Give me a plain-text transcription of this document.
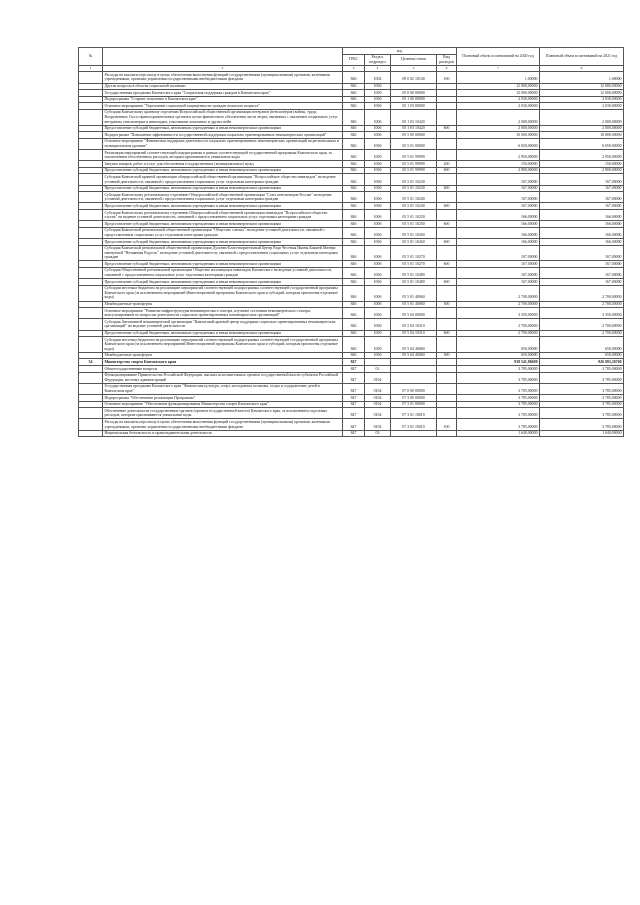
№		код				Плановый объем ассигнований на 2020 год	Плановый объем ассигнований на 2021 год
		ГРБС	Раздел, подраздел	Целевая статья	Вид расходов		
1	2	3	4	5	6	7	8
	Расходы на выплаты персоналу в целях обеспечения выполнения функций государственными (муниципальными) органами, казенными учреждениями, органами управления государственными внебюджетными фондами	846	1004	09 0 02 10140	100	1,00000	1,00000
	Другие вопросы в области социальной политики	846	1006			12 000,00000	12 000,00000
	Государственная программа Камчатского края "Социальная поддержка граждан в Камчатском крае"	846	1006	05 0 00 00000		12 000,00000	12 000,00000
	Подпрограмма "Старшее поколение в Камчатском крае"	846	1006	05 1 00 00000		2 030,00000	2 030,00000
	Основное мероприятие "Укрепление социальной защищенности граждан пожилого возраста"	846	1006	05 1 03 00000		2 030,00000	2 030,00000
	Субсидия Камчатскому краевому отделению Всероссийской общественной организации ветеранов (пенсионеров) войны, труда, Вооруженных Сил и правоохранительных органов в целях финансового обеспечения части затрат, связанных с оказанием социальных услуг ветеранам, пенсионерам и инвалидам, участникам локальных и других войн	846	1006	05 1 03 10420		2 000,00000	2 000,00000
	Предоставление субсидий бюджетным, автономным учреждениям и иным некоммерческим организациям	846	1006	05 1 03 10420	600	2 000,00000	2 000,00000
	Подпрограмма "Повышение эффективности государственной поддержки социально ориентированных некоммерческих организаций"	846	1006	05 5 00 00000		10 000,00000	10 000,00000
	Основное мероприятие "Финансовая поддержка деятельности социально ориентированных некоммерческих организаций на региональном и муниципальном уровнях"	846	1006	05 5 01 00000		6 650,00000	6 650,00000
	Реализация мероприятий соответствующей подпрограммы в рамках соответствующей государственной программы Камчатского края, за исключением обособленных расходов, которым присваиваются уникальные коды	846	1006	05 5 01 99990		2 950,00000	2 950,00000
	Закупка товаров, работ и услуг для обеспечения государственных (муниципальных) нужд	846	1006	05 5 01 99990	200	150,00000	150,00000
	Предоставление субсидий бюджетным, автономным учреждениям и иным некоммерческим организациям	846	1006	05 5 01 99990	600	2 800,00000	2 800,00000
	Субсидия Камчатской краевой организации общероссийской общественной организации "Всероссийское общество инвалидов" на ведение уставной деятельности, связанной с предоставлением социальных услуг отдельным категориям граждан	846	1006	05 5 01 10230		167,00000	167,00000
	Предоставление субсидий бюджетным, автономным учреждениям и иным некоммерческим организациям	846	1006	05 5 01 10230	600	167,00000	167,00000
	Субсидия Камчатскому региональному отделению Общероссийской общественной организации "Союз пенсионеров России" на ведение уставной деятельности, связанной с предоставлением социальных услуг отдельным категориям граждан	846	1006	05 5 01 10240		167,00000	167,00000
	Предоставление субсидий бюджетным, автономным учреждениям и иным некоммерческим организациям	846	1006	05 5 01 10240	600	167,00000	167,00000
	Субсидия Камчатскому региональному отделению Общероссийской общественной организации инвалидов "Всероссийское общество глухих" на ведение уставной деятельности, связанной с предоставлением социальных услуг отдельным категориям граждан	846	1006	05 5 01 10250		166,00000	166,00000
	Предоставление субсидий бюджетным, автономным учреждениям и иным некоммерческим организациям	846	1006	05 5 01 10250	600	166,00000	166,00000
	Субсидия Камчатской региональной общественной организации "Общество слепых" на ведение уставной деятельности, связанной с предоставлением социальных услуг отдельным категориям граждан	846	1006	05 5 01 10260		166,00000	166,00000
	Предоставление субсидий бюджетным, автономным учреждениям и иным некоммерческим организациям	846	1006	05 5 01 10260	600	166,00000	166,00000
	Субсидия Камчатской региональной общественной организации Духовно-Благотворительный Центр Ради Честныя Иконы Божией Матери именуемой "Нечаянная Радость" на ведение уставной деятельности, связанной с предоставлением социальных услуг отдельным категориям граждан	846	1006	05 5 01 10270		167,00000	167,00000
	Предоставление субсидий бюджетным, автономным учреждениям и иным некоммерческим организациям	846	1006	05 5 01 10270	600	167,00000	167,00000
	Субсидия Общественной региональной организации Общество малоимущих инвалидов Камчатского на ведение уставной деятельности, связанной с предоставлением социальных услуг отдельным категориям граждан	846	1006	05 5 01 10480		167,00000	167,00000
	Предоставление субсидий бюджетным, автономным учреждениям и иным некоммерческим организациям	846	1006	05 5 01 10480	600	167,00000	167,00000
	Субсидии местным бюджетам на реализацию мероприятий соответствующей подпрограммы соответствующей государственной программы Камчатского края (за исключением мероприятий Инвестиционной программы Камчатского края и субсидий, которым присвоены отдельные коды)	846	1006	05 5 01 40060		2 700,00000	2 700,00000
	Межбюджетные трансферты	846	1006	05 5 01 40060	500	2 700,00000	2 700,00000
	Основное мероприятие "Развитие инфраструктуры некоммерческого сектора, изучение состояния некоммерческого сектора, консультирование по вопросам деятельности социально ориентированных некоммерческих организаций"	846	1006	05 5 04 00000		3 350,00000	3 350,00000
	Субсидия Автономной некоммерческой организации "Камчатский краевой центр поддержки социально ориентированных некоммерческих организаций" на ведение уставной деятельности	846	1006	05 5 04 10310		2 700,00000	2 700,00000
	Предоставление субсидий бюджетным, автономным учреждениям и иным некоммерческим организациям	846	1006	05 5 04 10310	600	2 700,00000	2 700,00000
	Субсидии местным бюджетам на реализацию мероприятий соответствующей подпрограммы соответствующей государственной программы Камчатского края (за исключением мероприятий Инвестиционной программы Камчатского края и субсидий, которым присвоены отдельные коды)	846	1006	05 5 04 40060		650,00000	650,00000
	Межбюджетные трансферты	846	1006	05 5 04 40060	500	650,00000	650,00000
34	Министерство спорта Камчатского края	847				938 541,86600	926 093,26700
	Общегосударственные вопросы	847	01			3 785,00000	3 785,00000
	Функционирование Правительства Российской Федерации, высших исполнительных органов государственной власти субъектов Российской Федерации, местных администраций	847	0104			3 785,00000	3 785,00000
	Государственная программа Камчатского края "Физическая культура, спорт, молодежная политика, отдых и оздоровление детей в Камчатском крае"	847	0104	07 0 00 00000		3 785,00000	3 785,00000
	Подпрограмма "Обеспечение реализации Программы"	847	0104	07 3 00 00000		3 785,00000	3 785,00000
	Основное мероприятие "Обеспечение функционирования Министерства спорта Камчатского края"	847	0104	07 3 01 00000		3 785,00000	3 785,00000
	Обеспечение деятельности государственных органов (органов государственной власти) Камчатского края, за исключением отдельных расходов, которым присваиваются уникальные коды	847	0104	07 3 01 10010		3 785,00000	3 785,00000
	Расходы на выплаты персоналу в целях обеспечения выполнения функций государственными (муниципальными) органами, казенными учреждениями, органами управления государственными внебюджетными фондами	847	0104	07 3 01 10010	100	3 785,00000	3 785,00000
	Национальная безопасность и правоохранительная деятельность	847	03			1 640,00000	1 640,00000
